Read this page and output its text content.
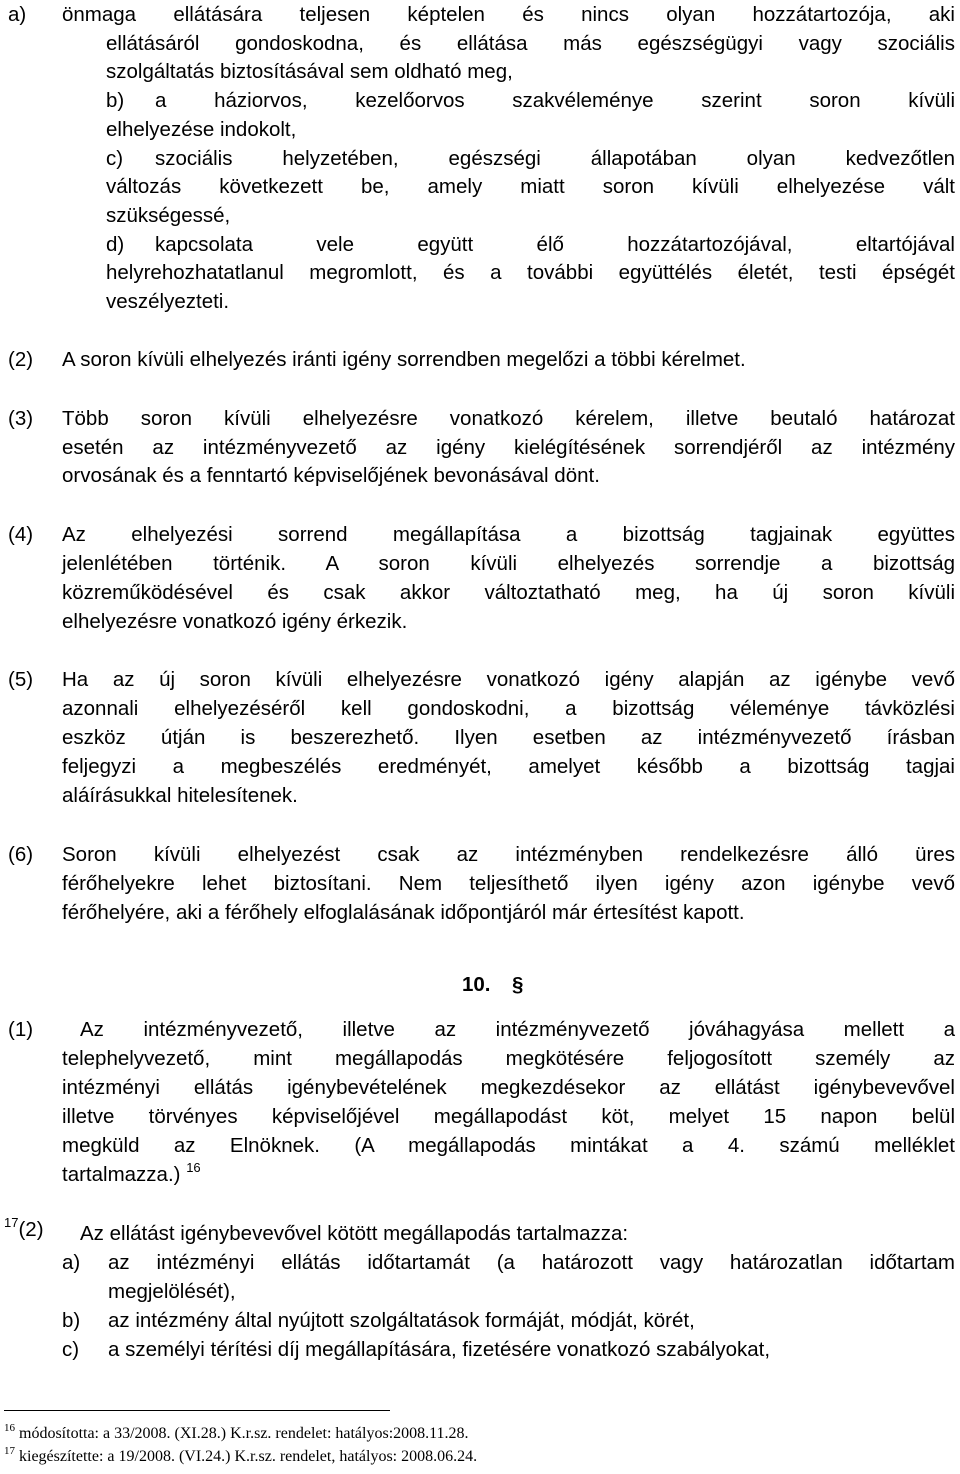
a) önmaga ellátására teljesen képtelen és nincs olyan hozzátartozója, aki
ellátásáról gondoskodna, és ellátása más egészségügyi vagy szociális
szolgáltatás biztosításával sem oldható meg,
b) a háziorvos, kezelőorvos szakvéleménye szerint soron kívüli
elhelyezése indokolt,
c) szociális helyzetében, egészségi állapotában olyan kedvezőtlen
változás következett be, amely miatt soron kívüli elhelyezése vált
szükségessé,
d) kapcsolata vele együtt élő hozzátartozójával, eltartójával
helyrehozhatatlanul megromlott, és a további együttélés életét, testi épségét
veszélyezteti.
(2) A soron kívüli elhelyezés iránti igény sorrendben megelőzi a többi kérelmet.
(3) Több soron kívüli elhelyezésre vonatkozó kérelem, illetve beutaló határozat
esetén az intézményvezető az igény kielégítésének sorrendjéről az intézmény
orvosának és a fenntartó képviselőjének bevonásával dönt.
(4) Az elhelyezési sorrend megállapítása a bizottság tagjainak együttes
jelenlétében történik. A soron kívüli elhelyezés sorrendje a bizottság
közreműködésével és csak akkor változtatható meg, ha új soron kívüli
elhelyezésre vonatkozó igény érkezik.
(5) Ha az új soron kívüli elhelyezésre vonatkozó igény alapján az igénybe vevő
azonnali elhelyezéséről kell gondoskodni, a bizottság véleménye távközlési
eszköz útján is beszerezhető. Ilyen esetben az intézményvezető írásban
feljegyzi a megbeszélés eredményét, amelyet később a bizottság tagjai
aláírásukkal hitelesítenek.
(6) Soron kívüli elhelyezést csak az intézményben rendelkezésre álló üres
férőhelyekre lehet biztosítani. Nem teljesíthető ilyen igény azon igénybe vevő
férőhelyére, aki a férőhely elfoglalásának időpontjáról már értesítést kapott.
10. §
(1) Az intézményvezető, illetve az intézményvezető jóváhagyása mellett a
telephelyvezető, mint megállapodás megkötésére feljogosított személy az
intézményi ellátás igénybevételének megkezdésekor az ellátást igénybevevővel
illetve törvényes képviselőjével megállapodást köt, melyet 15 napon belül
megküld az Elnöknek. (A megállapodás mintákat a 4. számú melléklet
tartalmazza.) $^{16}$
$^{17}$(2) Az ellátást igénybevevővel kötött megállapodás tartalmazza:
a) az intézményi ellátás időtartamát (a határozott vagy határozatlan időtartam
megjelölését),
b) az intézmény által nyújtott szolgáltatások formáját, módját, körét,
c) a személyi térítési díj megállapítására, fizetésére vonatkozó szabályokat,
$^{16}$ módosította: a 33/2008. (XI.28.) K.r.sz. rendelet: hatályos:2008.11.28.
$^{17}$ kiegészítette: a 19/2008. (VI.24.) K.r.sz. rendelet, hatályos: 2008.06.24.
